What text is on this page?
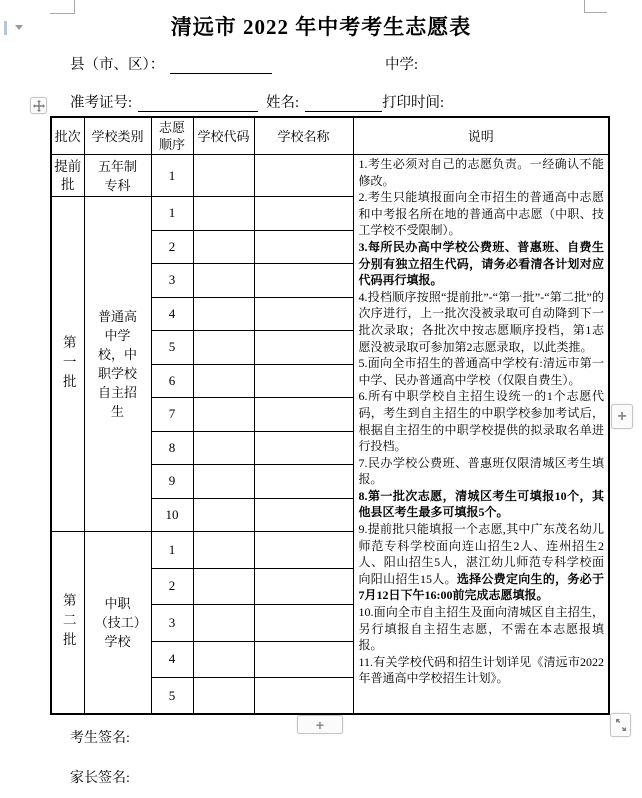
清远市 2022 年中考考生志愿表
县（市、区）：	中学:
准考证号:	姓名:	打印时间:
批次	学校类别	志愿顺序	学校代码	学校名称	说明
提前批	五年制专科	1			

1.考生必须对自己的志愿负责。一经确认不能修改。

2.考生只能填报面向全市招生的普通高中志愿和中考报名所在地的普通高中志愿（中职、技工学校不受限制）。

3.每所民办高中学校公费班、普惠班、自费生分别有独立招生代码，请务必看清各计划对应代码再行填报。

4.投档顺序按照“提前批”-“第一批”-“第二批”的次序进行，上一批次没被录取可自动降到下一批次录取；各批次中按志愿顺序投档，第1志愿没被录取可参加第2志愿录取，以此类推。

5.面向全市招生的普通高中学校有:清远市第一中学、民办普通高中学校（仅限自费生）。

6.所有中职学校自主招生设统一的1个志愿代码，考生到自主招生的中职学校参加考试后，根据自主招生的中职学校提供的拟录取名单进行投档。

7.民办学校公费班、普惠班仅限清城区考生填报。

8.第一批次志愿，清城区考生可填报10个，其他县区考生最多可填报5个。

9.提前批只能填报一个志愿,其中广东茂名幼儿师范专科学校面向连山招生2人、连州招生2人、阳山招生5人，湛江幼儿师范专科学校面向阳山招生15人。选择公费定向生的，务必于7月12日下午16:00前完成志愿填报。

10.面向全市自主招生及面向清城区自主招生，另行填报自主招生志愿，不需在本志愿报填报。

11.有关学校代码和招生计划详见《清远市2022年普通高中学校招生计划》。

第一批	普通高中学校，中职学校自主招生	1			
		2			
		3			
		4			
		5			
		6			
		7			
		8			
		9			
		10			
第二批	中职（技工）学校	1			
		2			
		3			
		4			
		5			
考生签名:
家长签名:
+
+
